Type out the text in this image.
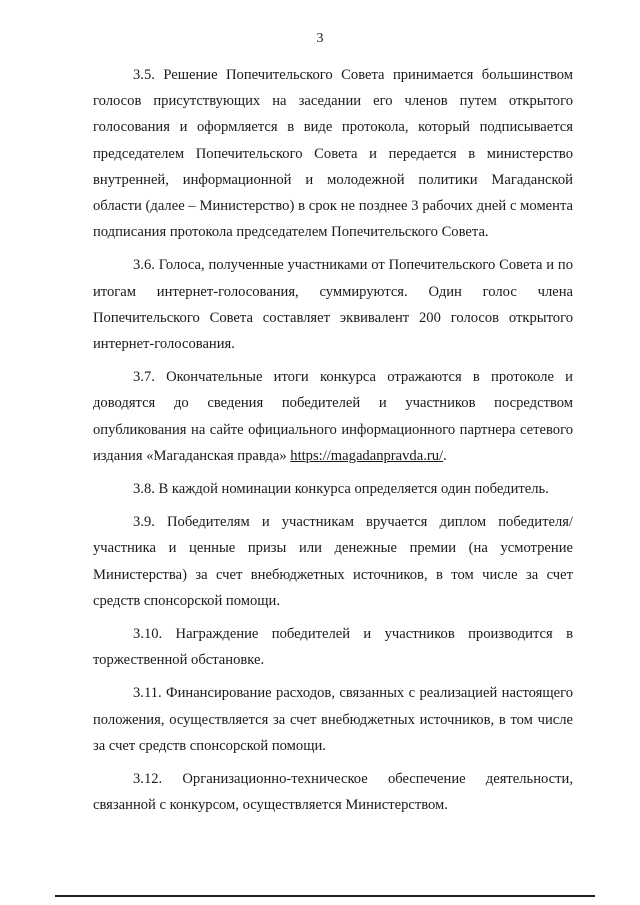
3

3.5. Решение Попечительского Совета принимается большинством голосов присутствующих на заседании его членов путем открытого голосования и оформляется в виде протокола, который подписывается председателем Попечительского Совета и передается в министерство внутренней, информационной и молодежной политики Магаданской области (далее – Министерство) в срок не позднее 3 рабочих дней с момента подписания протокола председателем Попечительского Совета.

3.6. Голоса, полученные участниками от Попечительского Совета и по итогам интернет-голосования, суммируются. Один голос члена Попечительского Совета составляет эквивалент 200 голосов открытого интернет-голосования.

3.7. Окончательные итоги конкурса отражаются в протоколе и доводятся до сведения победителей и участников посредством опубликования на сайте официального информационного партнера сетевого издания «Магаданская правда» https://magadanpravda.ru/.

3.8. В каждой номинации конкурса определяется один победитель.

3.9. Победителям и участникам вручается диплом победителя/участника и ценные призы или денежные премии (на усмотрение Министерства) за счет внебюджетных источников, в том числе за счет средств спонсорской помощи.

3.10. Награждение победителей и участников производится в торжественной обстановке.

3.11. Финансирование расходов, связанных с реализацией настоящего положения, осуществляется за счет внебюджетных источников, в том числе за счет средств спонсорской помощи.

3.12. Организационно-техническое обеспечение деятельности, связанной с конкурсом, осуществляется Министерством.
